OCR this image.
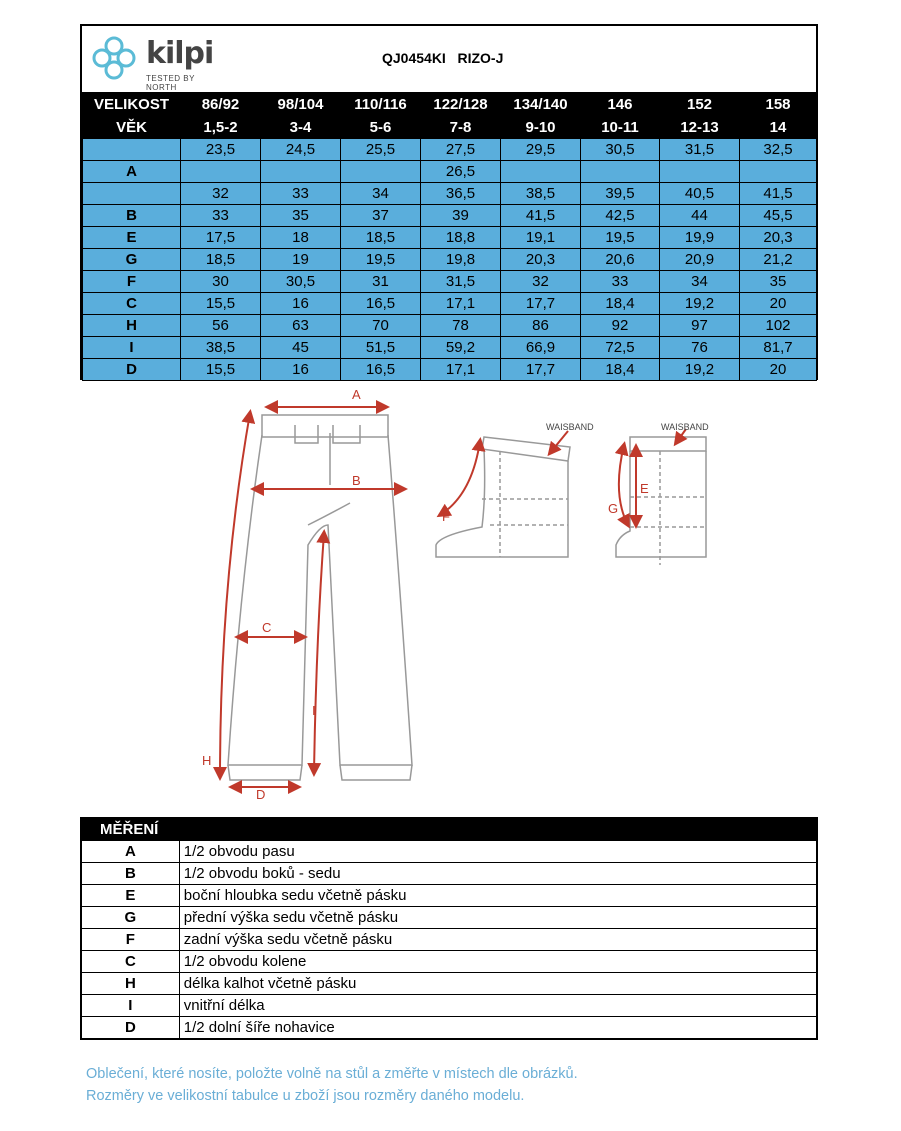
kilpi
TESTED BY NORTH
QJ0454KI   RIZO-J
VELIKOST	86/92	98/104	110/116	122/128	134/140	146	152	158
VĚK	1,5-2	3-4	5-6	7-8	9-10	10-11	12-13	14
	23,5	24,5	25,5	27,5	29,5	30,5	31,5	32,5
A				26,5				
	32	33	34	36,5	38,5	39,5	40,5	41,5
B	33	35	37	39	41,5	42,5	44	45,5
E	17,5	18	18,5	18,8	19,1	19,5	19,9	20,3
G	18,5	19	19,5	19,8	20,3	20,6	20,9	21,2
F	30	30,5	31	31,5	32	33	34	35
C	15,5	16	16,5	17,1	17,7	18,4	19,2	20
H	56	63	70	78	86	92	97	102
I	38,5	45	51,5	59,2	66,9	72,5	76	81,7
D	15,5	16	16,5	17,1	17,7	18,4	19,2	20
A
B
C
D
H
I
F
E
G
WAISBAND	WAISBAND
MĚŘENÍ	
A	1/2 obvodu pasu
B	1/2 obvodu boků - sedu
E	boční hloubka sedu včetně pásku
G	přední výška sedu včetně pásku
F	zadní výška sedu včetně pásku
C	1/2 obvodu kolene
H	délka kalhot včetně pásku
I	vnitřní délka
D	1/2 dolní šíře nohavice
Oblečení, které nosíte, položte volně na stůl a změřte v místech dle obrázků.
Rozměry ve velikostní tabulce u zboží jsou rozměry daného modelu.
